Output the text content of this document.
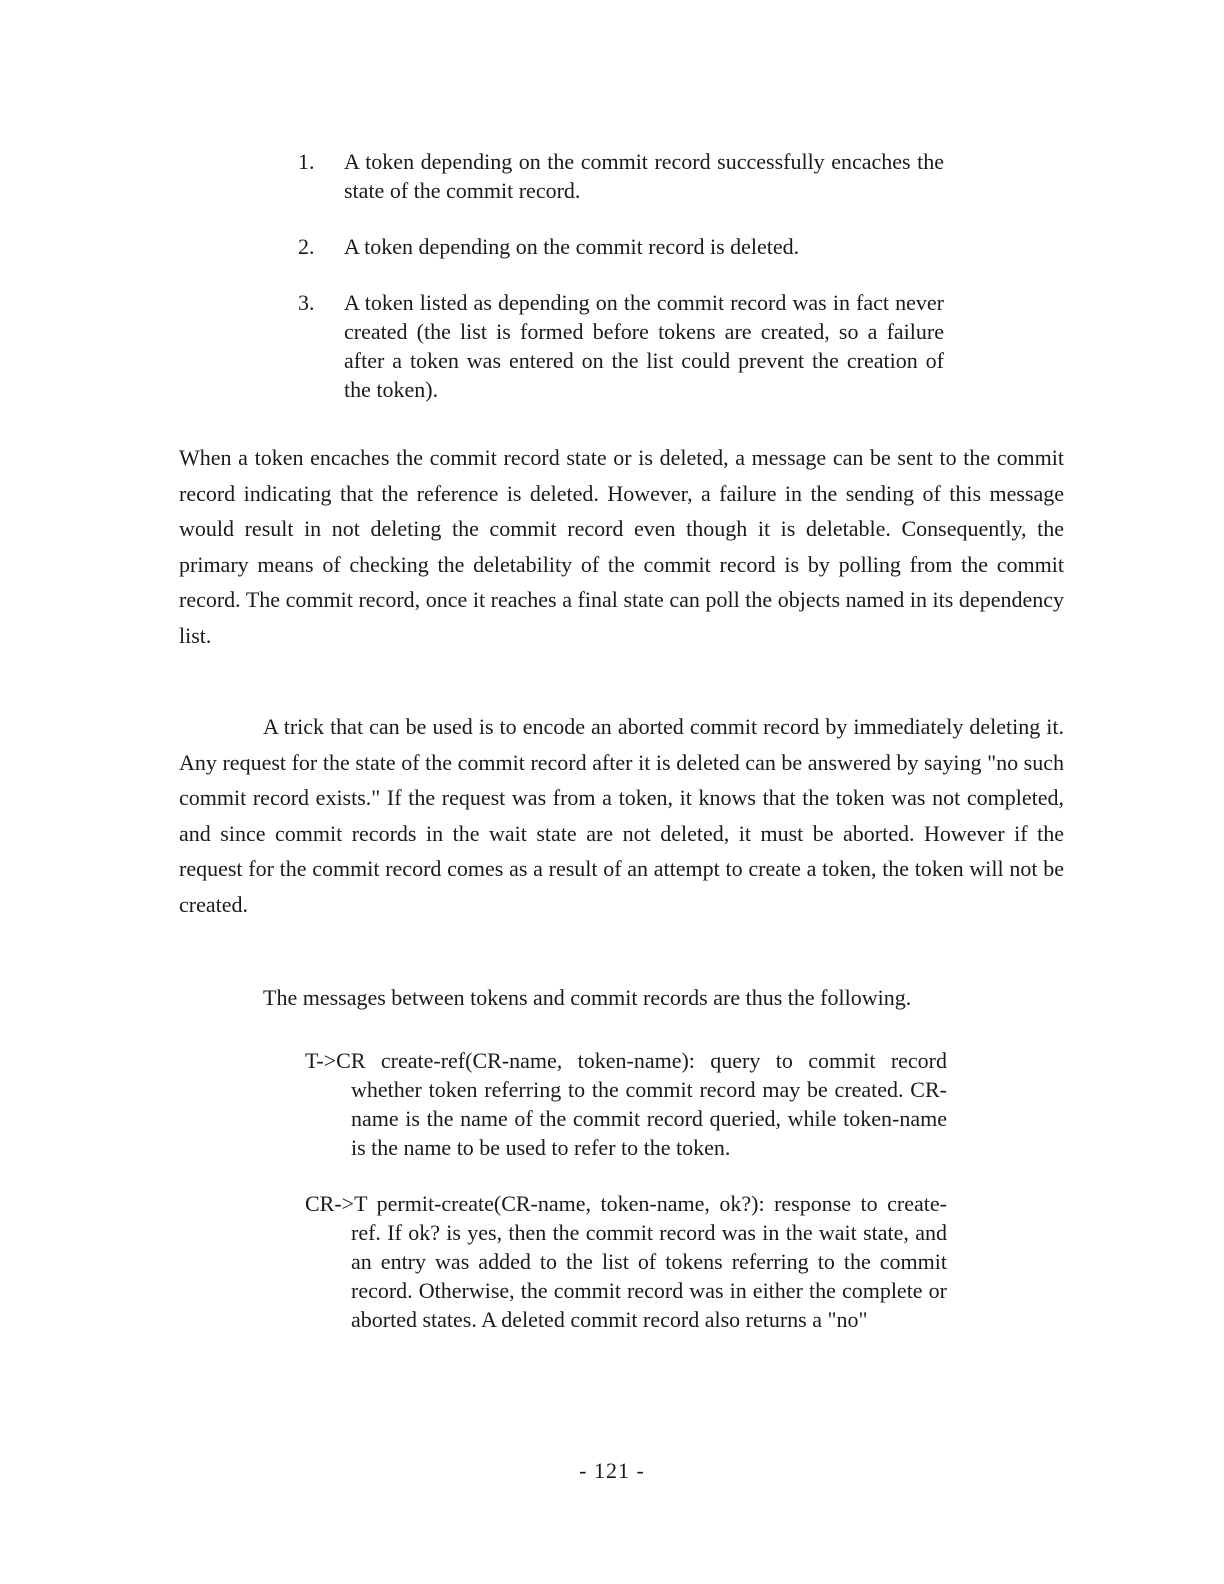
1.	A token depending on the commit record successfully encaches the state of the commit record.
2.	A token depending on the commit record is deleted.
3.	A token listed as depending on the commit record was in fact never created (the list is formed before tokens are created, so a failure after a token was entered on the list could prevent the creation of the token).

When a token encaches the commit record state or is deleted, a message can be sent to the commit record indicating that the reference is deleted. However, a failure in the sending of this message would result in not deleting the commit record even though it is deletable. Consequently, the primary means of checking the deletability of the commit record is by polling from the commit record. The commit record, once it reaches a final state can poll the objects named in its dependency list.

A trick that can be used is to encode an aborted commit record by immediately deleting it. Any request for the state of the commit record after it is deleted can be answered by saying "no such commit record exists." If the request was from a token, it knows that the token was not completed, and since commit records in the wait state are not deleted, it must be aborted. However if the request for the commit record comes as a result of an attempt to create a token, the token will not be created.

The messages between tokens and commit records are thus the following.

T->CR create-ref(CR-name, token-name): query to commit record whether token referring to the commit record may be created. CR-name is the name of the commit record queried, while token-name is the name to be used to refer to the token.

CR->T permit-create(CR-name, token-name, ok?): response to create-ref. If ok? is yes, then the commit record was in the wait state, and an entry was added to the list of tokens referring to the commit record. Otherwise, the commit record was in either the complete or aborted states. A deleted commit record also returns a "no"

- 121 -
